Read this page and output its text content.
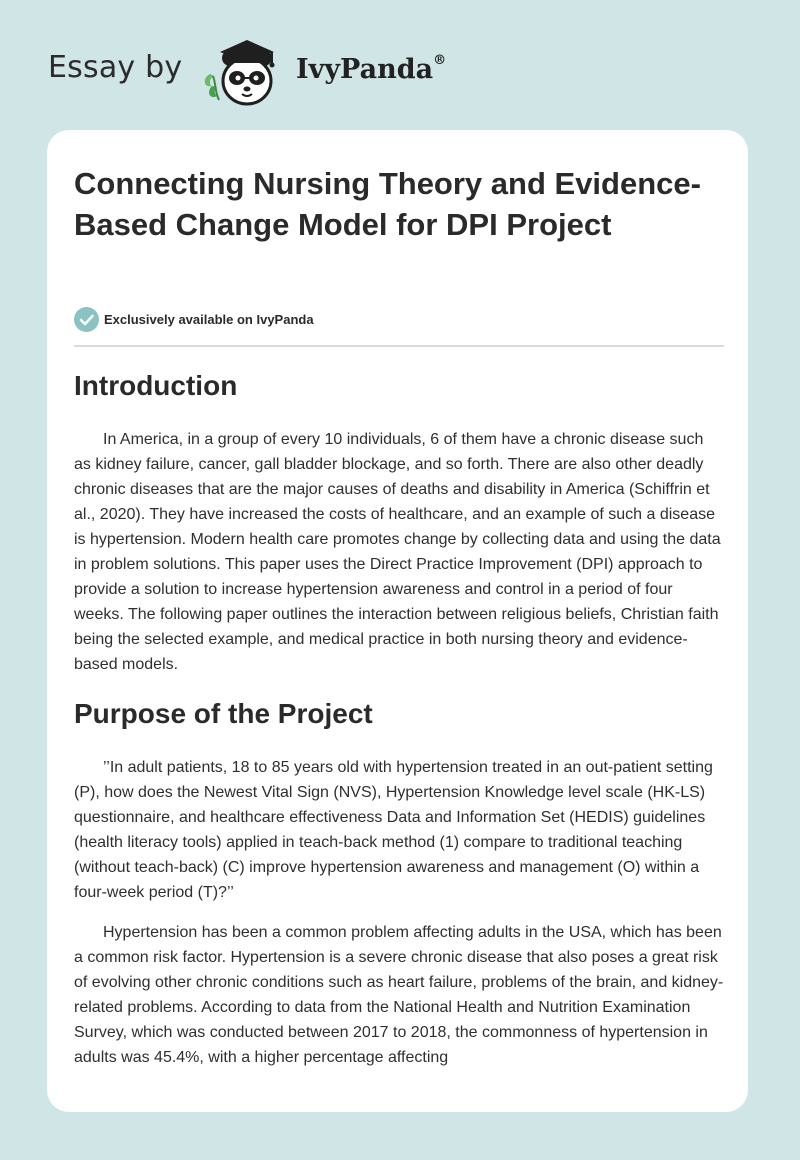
Essay by	IvyPanda®
Connecting Nursing Theory and Evidence-Based Change Model for DPI Project
Exclusively available on IvyPanda
Introduction

In America, in a group of every 10 individuals, 6 of them have a chronic disease such as kidney failure, cancer, gall bladder blockage, and so forth. There are also other deadly chronic diseases that are the major causes of deaths and disability in America (Schiffrin et al., 2020). They have increased the costs of healthcare, and an example of such a disease is hypertension. Modern health care promotes change by collecting data and using the data in problem solutions. This paper uses the Direct Practice Improvement (DPI) approach to provide a solution to increase hypertension awareness and control in a period of four weeks. The following paper outlines the interaction between religious beliefs, Christian faith being the selected example, and medical practice in both nursing theory and evidence-based models.

Purpose of the Project

’’In adult patients, 18 to 85 years old with hypertension treated in an out-patient setting (P), how does the Newest Vital Sign (NVS), Hypertension Knowledge level scale (HK-LS) questionnaire, and healthcare effectiveness Data and Information Set (HEDIS) guidelines (health literacy tools) applied in teach-back method (1) compare to traditional teaching (without teach-back) (C) improve hypertension awareness and management (O) within a four-week period (T)?’’

Hypertension has been a common problem affecting adults in the USA, which has been a common risk factor. Hypertension is a severe chronic disease that also poses a great risk of evolving other chronic conditions such as heart failure, problems of the brain, and kidney-related problems. According to data from the National Health and Nutrition Examination Survey, which was conducted between 2017 to 2018, the commonness of hypertension in adults was 45.4%, with a higher percentage affecting
